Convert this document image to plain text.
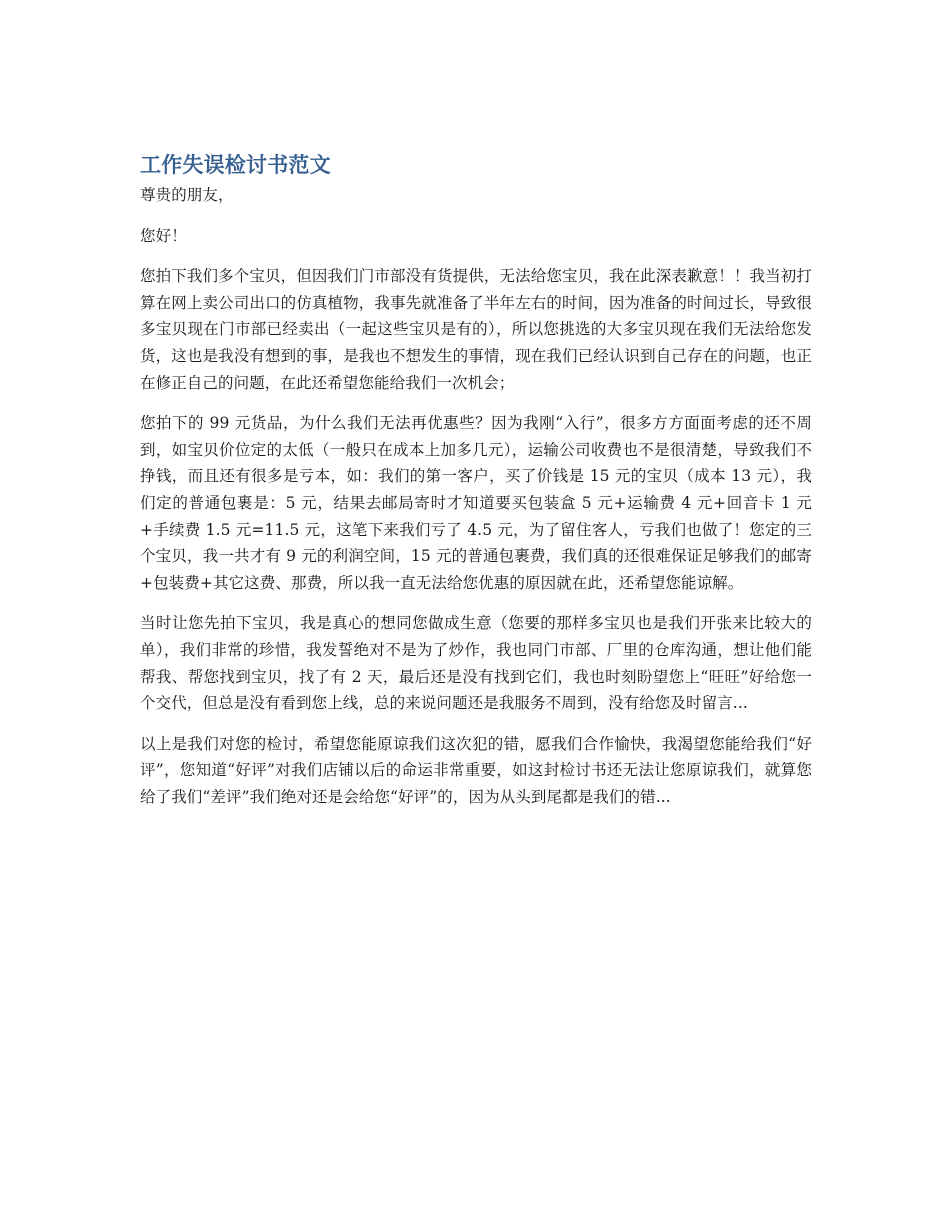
工作失误检讨书范文

尊贵的朋友，

您好！

您拍下我们多个宝贝，但因我们门市部没有货提供，无法给您宝贝，我在此深表歉意！！我当初打算在网上卖公司出口的仿真植物，我事先就准备了半年左右的时间，因为准备的时间过长，导致很多宝贝现在门市部已经卖出（一起这些宝贝是有的），所以您挑选的大多宝贝现在我们无法给您发货，这也是我没有想到的事，是我也不想发生的事情，现在我们已经认识到自己存在的问题，也正在修正自己的问题，在此还希望您能给我们一次机会；

您拍下的 99 元货品，为什么我们无法再优惠些？因为我刚“入行”，很多方方面面考虑的还不周到，如宝贝价位定的太低（一般只在成本上加多几元），运输公司收费也不是很清楚，导致我们不挣钱，而且还有很多是亏本，如：我们的第一客户，买了价钱是 15 元的宝贝（成本 13 元），我们定的普通包裹是：5 元，结果去邮局寄时才知道要买包装盒 5 元+运输费 4 元+回音卡 1 元+手续费 1.5 元=11.5 元，这笔下来我们亏了 4.5 元，为了留住客人，亏我们也做了！您定的三个宝贝，我一共才有 9 元的利润空间，15 元的普通包裹费，我们真的还很难保证足够我们的邮寄+包装费+其它这费、那费，所以我一直无法给您优惠的原因就在此，还希望您能谅解。

当时让您先拍下宝贝，我是真心的想同您做成生意（您要的那样多宝贝也是我们开张来比较大的单），我们非常的珍惜，我发誓绝对不是为了炒作，我也同门市部、厂里的仓库沟通，想让他们能帮我、帮您找到宝贝，找了有 2 天，最后还是没有找到它们，我也时刻盼望您上“旺旺”好给您一个交代，但总是没有看到您上线，总的来说问题还是我服务不周到，没有给您及时留言...

以上是我们对您的检讨，希望您能原谅我们这次犯的错，愿我们合作愉快，我渴望您能给我们“好评”，您知道“好评”对我们店铺以后的命运非常重要，如这封检讨书还无法让您原谅我们，就算您给了我们“差评”我们绝对还是会给您“好评”的，因为从头到尾都是我们的错...
